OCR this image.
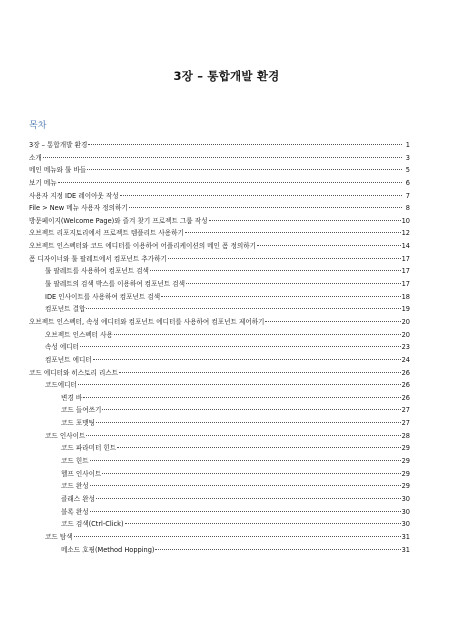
3장 – 통합개발 환경
목차
3장 – 통합개발 환경	1
소개	3
메인 메뉴와 툴 바들	5
보기 메뉴	6
사용자 지정 IDE 레이아웃 작성	7
File > New 메뉴 사용자 정의하기	8
방문페이지(Welcome Page)와 즐겨 찾기 프로젝트 그룹 작성	10
오브젝트 리포지토리에서 프로젝트 템플리트 사용하기	12
오브젝트 인스펙터와 코드 에디터를 이용하여 어플리케이션의 메인 폼 정의하기	14
폼 디자이너와 툴 팔레트에서 컴포넌트 추가하기	17
툴 팔레트를 사용하여 컴포넌트 검색	17
툴 팔레트의 검색 박스를 이용하여 컴포넌트 검색	17
IDE 인사이트를 사용하여 컴포넌트 검색	18
컴포넌트 결합	19
오브젝트 인스펙터, 속성 에디터와 컴포넌트 에디터를 사용하여 컴포넌트 제어하기	20
오브젝트 인스펙터 사용	20
속성 에디터	23
컴포넌트 에디터	24
코드 에디터와 히스토리 리스트	26
코드에디터	26
변경 바	26
코드 들여쓰기	27
코드 포맷팅	27
코드 인사이트	28
코드 파라미터 힌트	29
코드 힌트	29
헬프 인사이트	29
코드 완성	29
클래스 완성	30
블록 완성	30
코드 검색(Ctrl-Click)	30
코드 탐색	31
메소드 호핑(Method Hopping)	31
